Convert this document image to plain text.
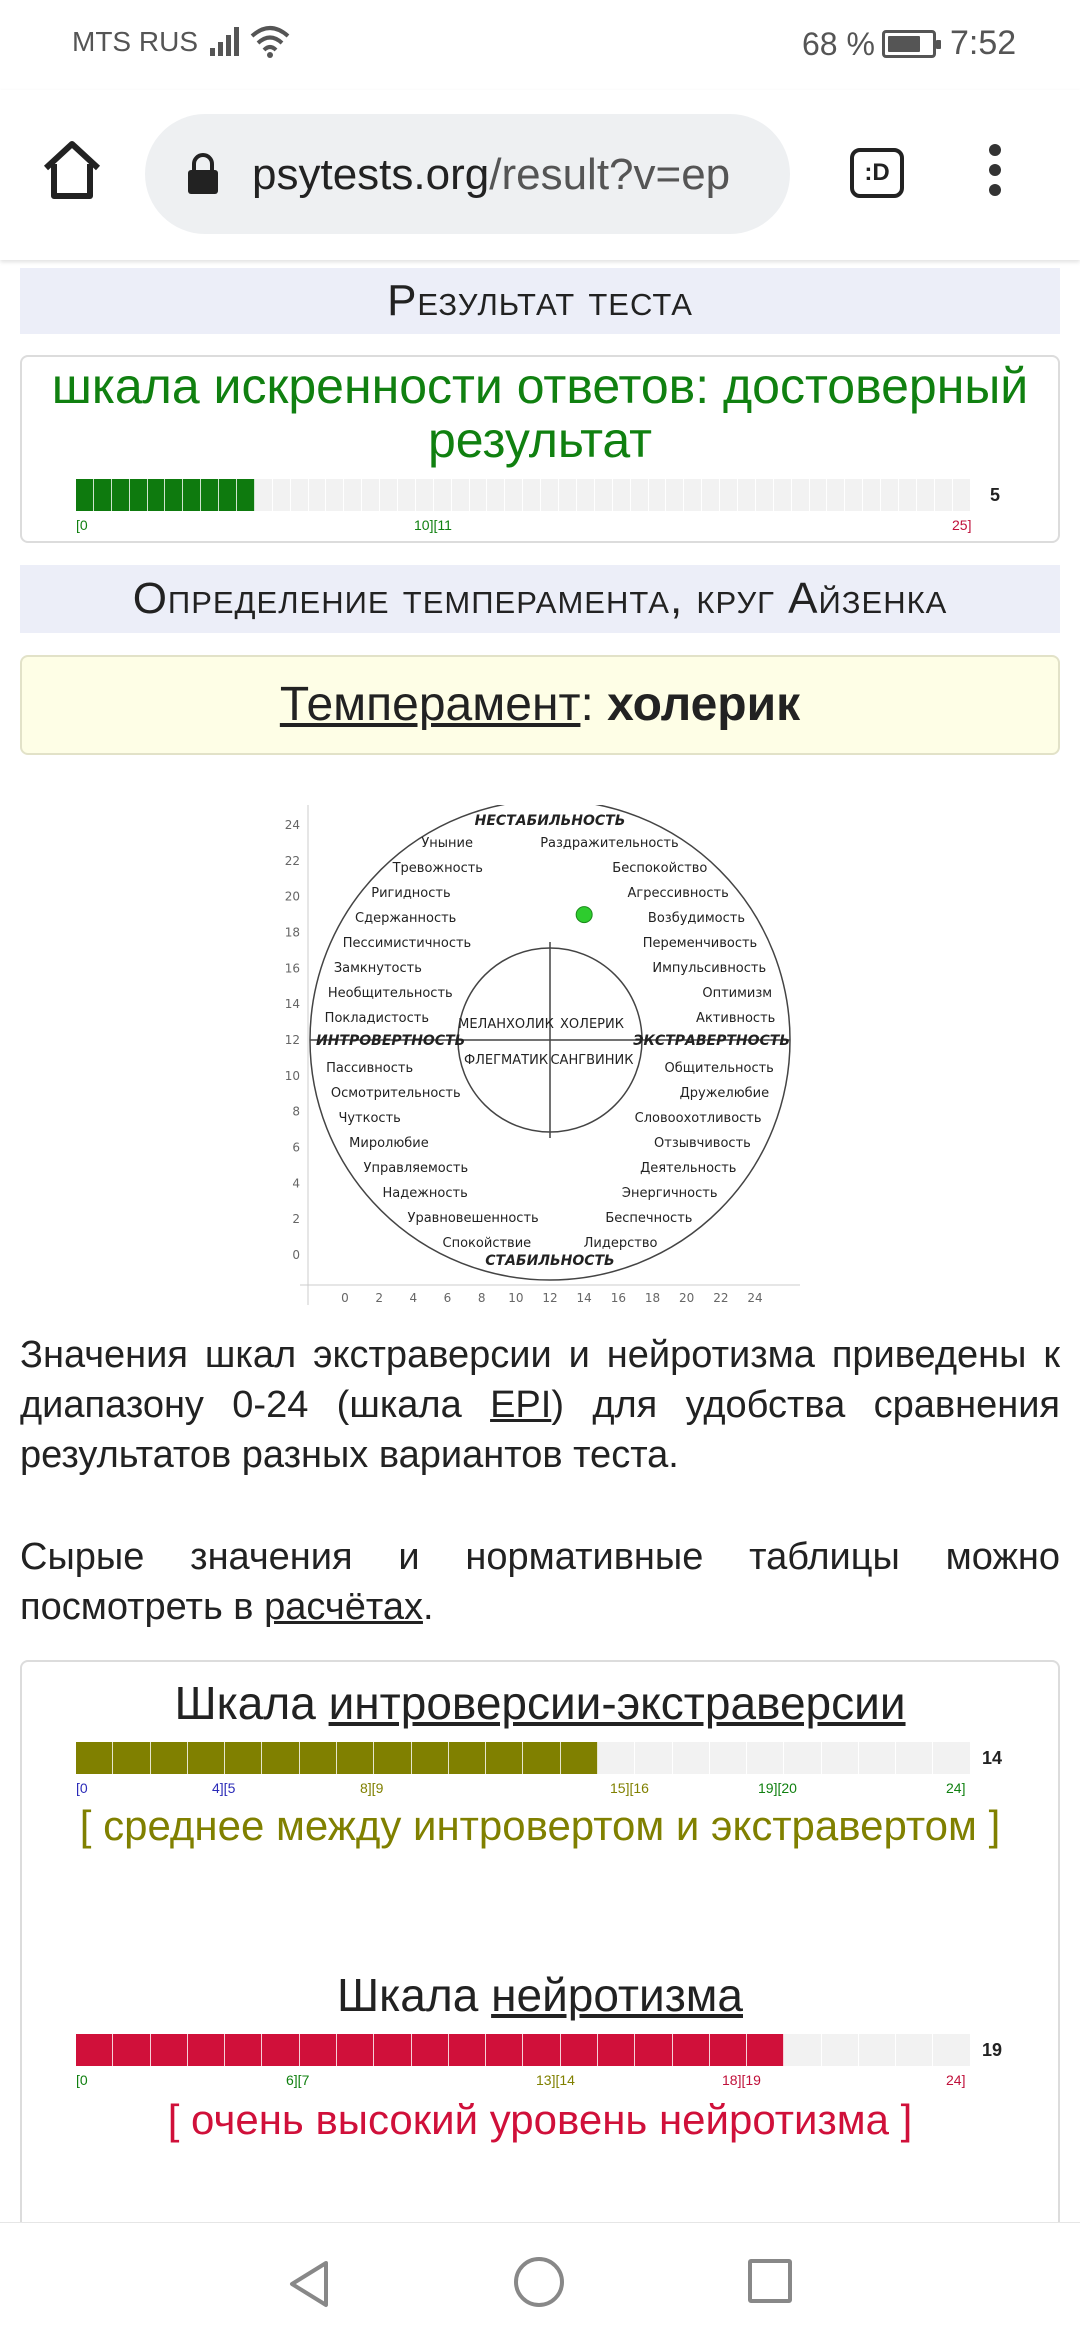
MTS RUS	68 % 7:52
psytests.org/result?v=ep	:D
Результат теста
шкала искренности ответов: достоверный результат
5
[0	10][11	25]
Определение темперамента, круг Айзенка
Темперамент: холерик
24
22
20
18
16
14
12
10
8
6
4
2
0
0 2 4 6 8 10 12 14 16 18 20 22 24
НЕСТАБИЛЬНОСТЬ
СТАБИЛЬНОСТЬ
ИНТРОВЕРТНОСТЬ	ЭКСТРАВЕРТНОСТЬ
МЕЛАНХОЛИК ХОЛЕРИК
ФЛЕГМАТИК САНГВИНИК
Уныние
Тревожность
Ригидность
Сдержанность
Пессимистичность
Замкнутость
Необщительность
Покладистость
Пассивность
Осмотрительность
Чуткость
Миролюбие
Управляемость
Надежность
Уравновешенность
Спокойствие
Раздражительность
Беспокойство
Агрессивность
Возбудимость
Переменчивость
Импульсивность
Оптимизм
Активность
Общительность
Дружелюбие
Словоохотливость
Отзывчивость
Деятельность
Энергичность
Беспечность
Лидерство
Значения шкал экстраверсии и нейротизма приведены к диапазону 0-24 (шкала EPI) для удобства сравнения результатов разных вариантов теста.
Сырые значения и нормативные таблицы можно посмотреть в расчётах.
Шкала интроверсии-экстраверсии
14
[0	4][5	8][9	15][16	19][20	24]
[ среднее между интровертом и экстравертом ]
Шкала нейротизма
19
[0	6][7	13][14	18][19	24]
[ очень высокий уровень нейротизма ]
